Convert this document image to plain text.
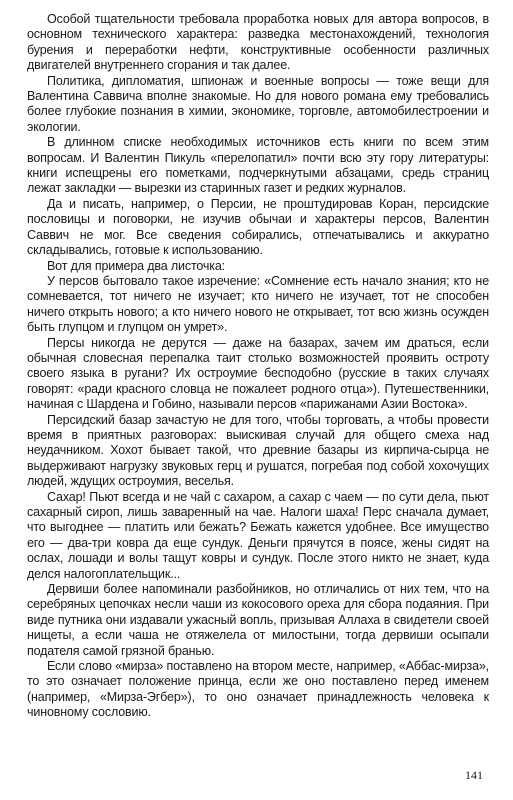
Особой тщательности требовала проработка новых для автора вопросов, в основном технического характера: разведка местонахождений, технология бурения и переработки нефти, конструктивные особенности различных двигателей внутреннего сгорания и так далее.

Политика, дипломатия, шпионаж и военные вопросы — тоже вещи для Валентина Саввича вполне знакомые. Но для нового романа ему требовались более глубокие познания в химии, экономике, торговле, автомобилестроении и экологии.

В длинном списке необходимых источников есть книги по всем этим вопросам. И Валентин Пикуль «перелопатил» почти всю эту гору литературы: книги испещрены его пометками, подчеркнутыми абзацами, средь страниц лежат закладки — вырезки из старинных газет и редких журналов.

Да и писать, например, о Персии, не проштудировав Коран, персидские пословицы и поговорки, не изучив обычаи и характеры персов, Валентин Саввич не мог. Все сведения собирались, отпечатывались и аккуратно складывались, готовые к использованию.

Вот для примера два листочка:

У персов бытовало такое изречение: «Сомнение есть начало знания; кто не сомневается, тот ничего не изучает; кто ничего не изучает, тот не способен ничего открыть нового; а кто ничего нового не открывает, тот всю жизнь осужден быть глупцом и глупцом он умрет».

Персы никогда не дерутся — даже на базарах, зачем им драться, если обычная словесная перепалка таит столько возможностей проявить остроту своего языка в ругани? Их остроумие бесподобно (русские в таких случаях говорят: «ради красного словца не пожалеет родного отца»). Путешественники, начиная с Шардена и Гобино, называли персов «парижанами Азии Востока».

Персидский базар зачастую не для того, чтобы торговать, а чтобы провести время в приятных разговорах: выискивая случай для общего смеха над неудачником. Хохот бывает такой, что древние базары из кирпича-сырца не выдерживают нагрузку звуковых герц и рушатся, погребая под собой хохочущих людей, ждущих остроумия, веселья.

Сахар! Пьют всегда и не чай с сахаром, а сахар с чаем — по сути дела, пьют сахарный сироп, лишь заваренный на чае. Налоги шаха! Перс сначала думает, что выгоднее — платить или бежать? Бежать кажется удобнее. Все имущество его — два-три ковра да еще сундук. Деньги прячутся в поясе, жены сидят на ослах, лошади и волы тащут ковры и сундук. После этого никто не знает, куда делся налогоплательщик...

Дервиши более напоминали разбойников, но отличались от них тем, что на серебряных цепочках несли чаши из кокосового ореха для сбора подаяния. При виде путника они издавали ужасный вопль, призывая Аллаха в свидетели своей нищеты, а если чаша не отяжелела от милостыни, тогда дервиши осыпали подателя самой грязной бранью.

Если слово «мирза» поставлено на втором месте, например, «Аббас-мирза», то это означает положение принца, если же оно поставлено перед именем (например, «Мирза-Эгбер»), то оно означает принадлежность человека к чиновному сословию.

141
